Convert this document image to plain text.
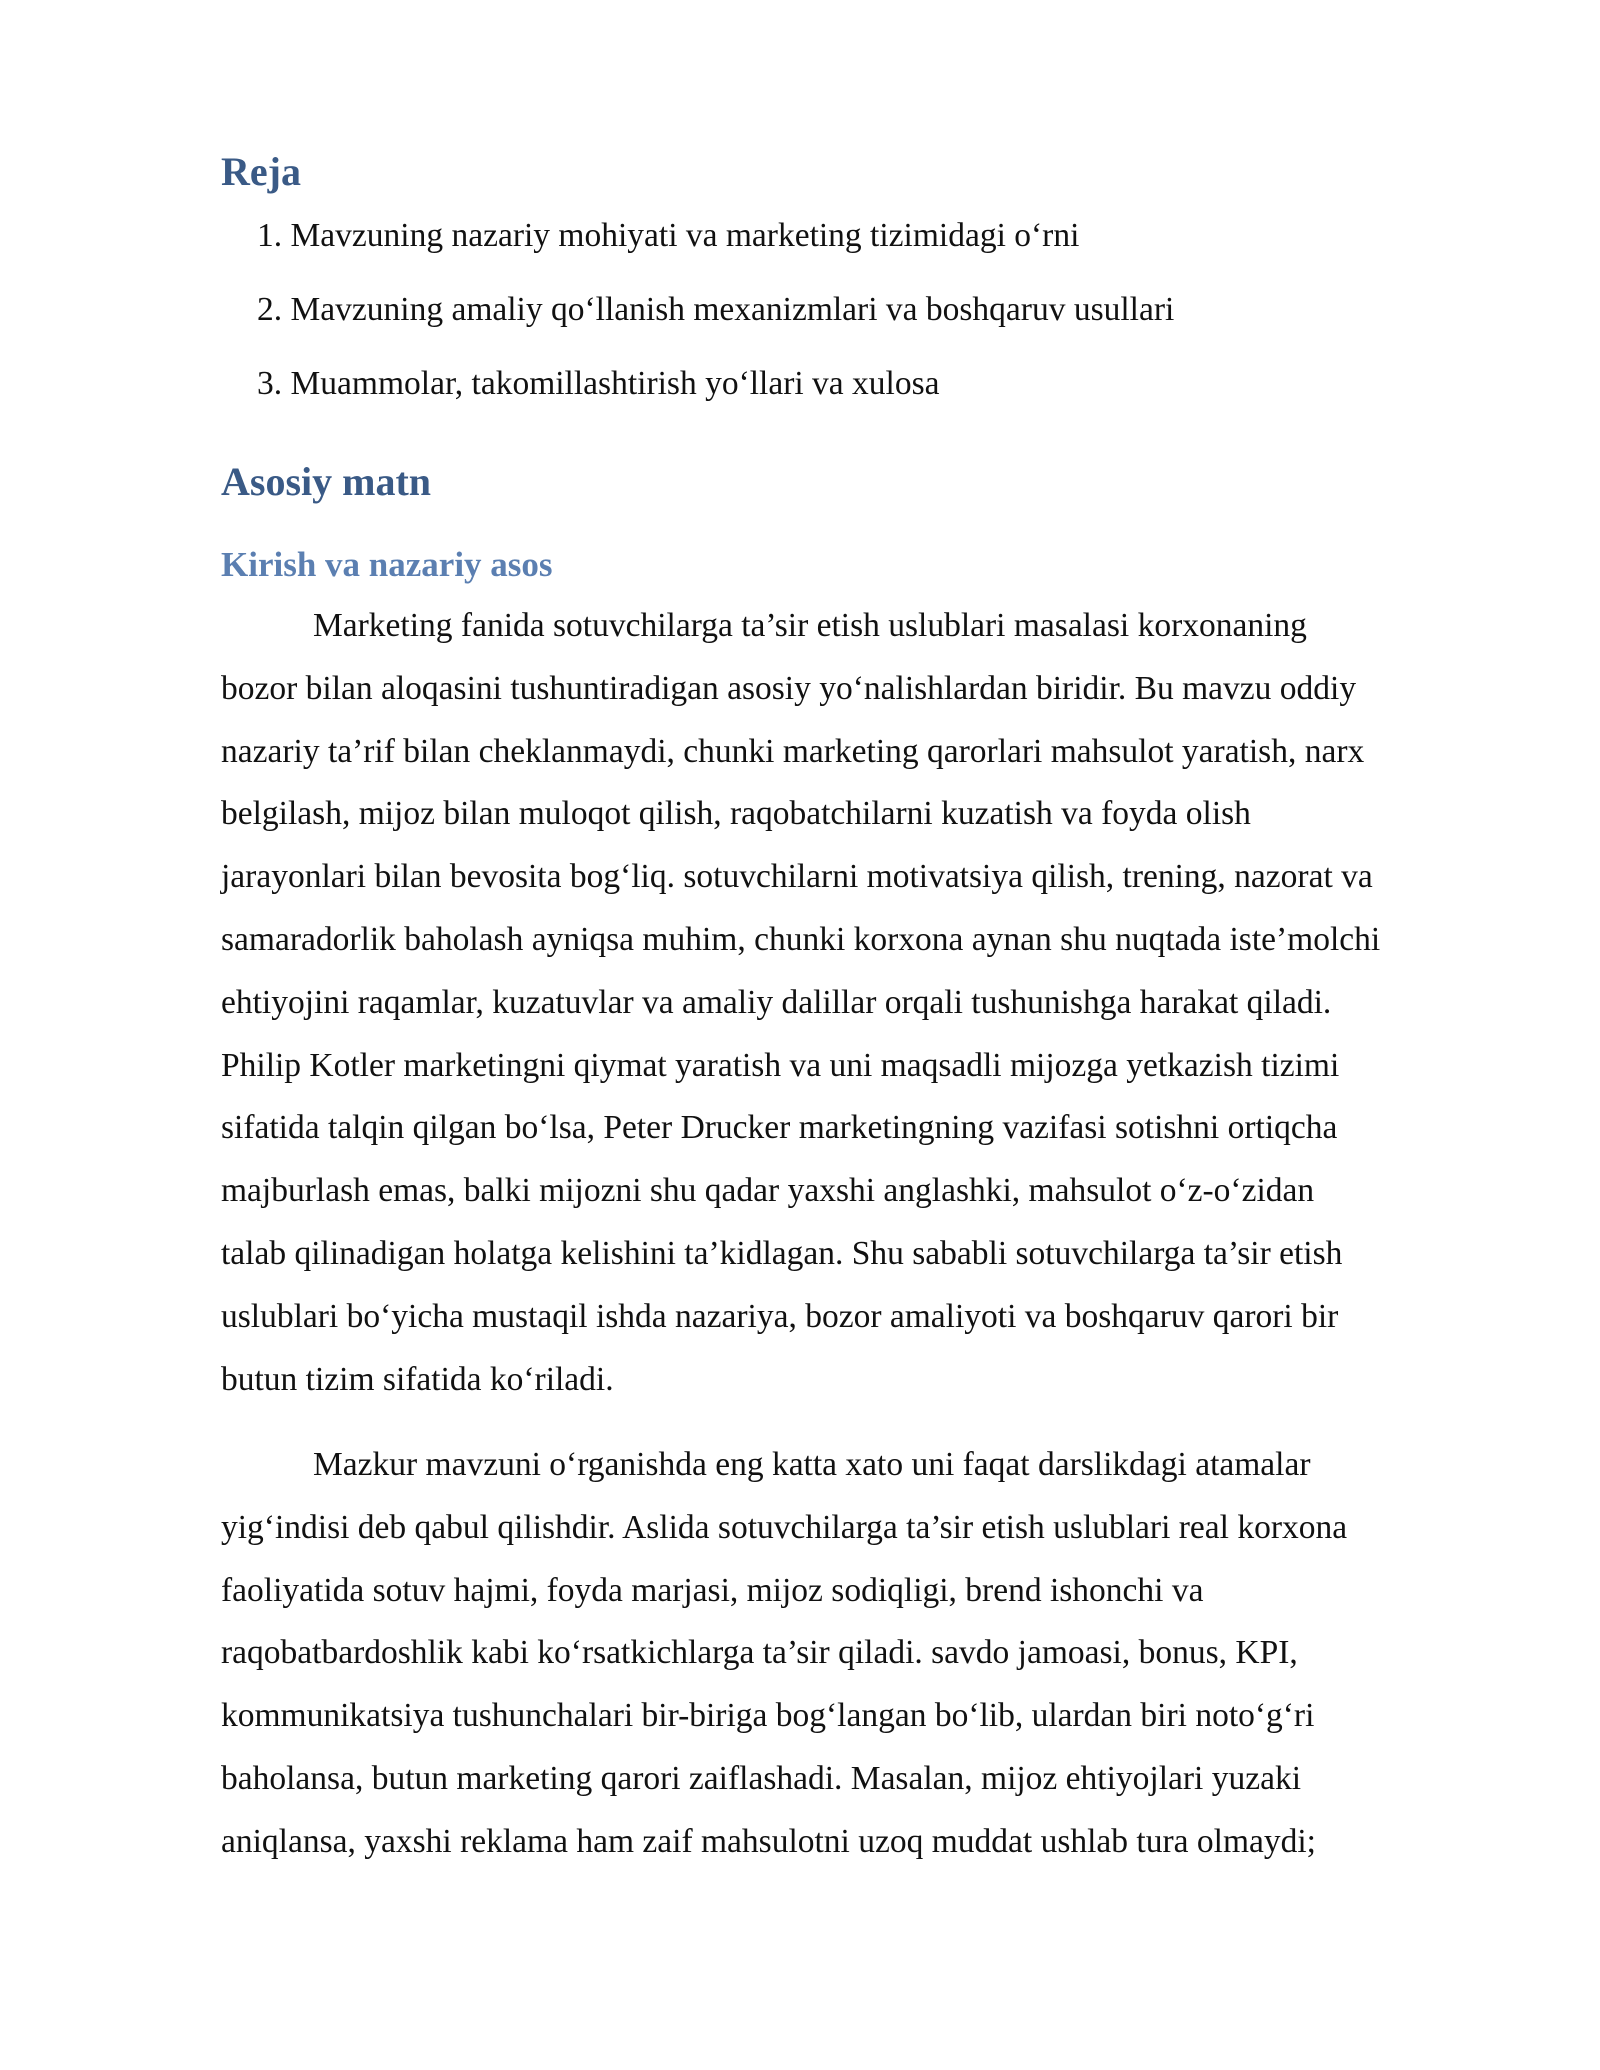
Reja
1. Mavzuning nazariy mohiyati va marketing tizimidagi o‘rni
2. Mavzuning amaliy qo‘llanish mexanizmlari va boshqaruv usullari
3. Muammolar, takomillashtirish yo‘llari va xulosa
Asosiy matn
Kirish va nazariy asos
Marketing fanida sotuvchilarga ta’sir etish uslublari masalasi korxonaning
bozor bilan aloqasini tushuntiradigan asosiy yo‘nalishlardan biridir. Bu mavzu oddiy
nazariy ta’rif bilan cheklanmaydi, chunki marketing qarorlari mahsulot yaratish, narx
belgilash, mijoz bilan muloqot qilish, raqobatchilarni kuzatish va foyda olish
jarayonlari bilan bevosita bog‘liq. sotuvchilarni motivatsiya qilish, trening, nazorat va
samaradorlik baholash ayniqsa muhim, chunki korxona aynan shu nuqtada iste’molchi
ehtiyojini raqamlar, kuzatuvlar va amaliy dalillar orqali tushunishga harakat qiladi.
Philip Kotler marketingni qiymat yaratish va uni maqsadli mijozga yetkazish tizimi
sifatida talqin qilgan bo‘lsa, Peter Drucker marketingning vazifasi sotishni ortiqcha
majburlash emas, balki mijozni shu qadar yaxshi anglashki, mahsulot o‘z-o‘zidan
talab qilinadigan holatga kelishini ta’kidlagan. Shu sababli sotuvchilarga ta’sir etish
uslublari bo‘yicha mustaqil ishda nazariya, bozor amaliyoti va boshqaruv qarori bir
butun tizim sifatida ko‘riladi.
Mazkur mavzuni o‘rganishda eng katta xato uni faqat darslikdagi atamalar
yig‘indisi deb qabul qilishdir. Aslida sotuvchilarga ta’sir etish uslublari real korxona
faoliyatida sotuv hajmi, foyda marjasi, mijoz sodiqligi, brend ishonchi va
raqobatbardoshlik kabi ko‘rsatkichlarga ta’sir qiladi. savdo jamoasi, bonus, KPI,
kommunikatsiya tushunchalari bir-biriga bog‘langan bo‘lib, ulardan biri noto‘g‘ri
baholansa, butun marketing qarori zaiflashadi. Masalan, mijoz ehtiyojlari yuzaki
aniqlansa, yaxshi reklama ham zaif mahsulotni uzoq muddat ushlab tura olmaydi;
